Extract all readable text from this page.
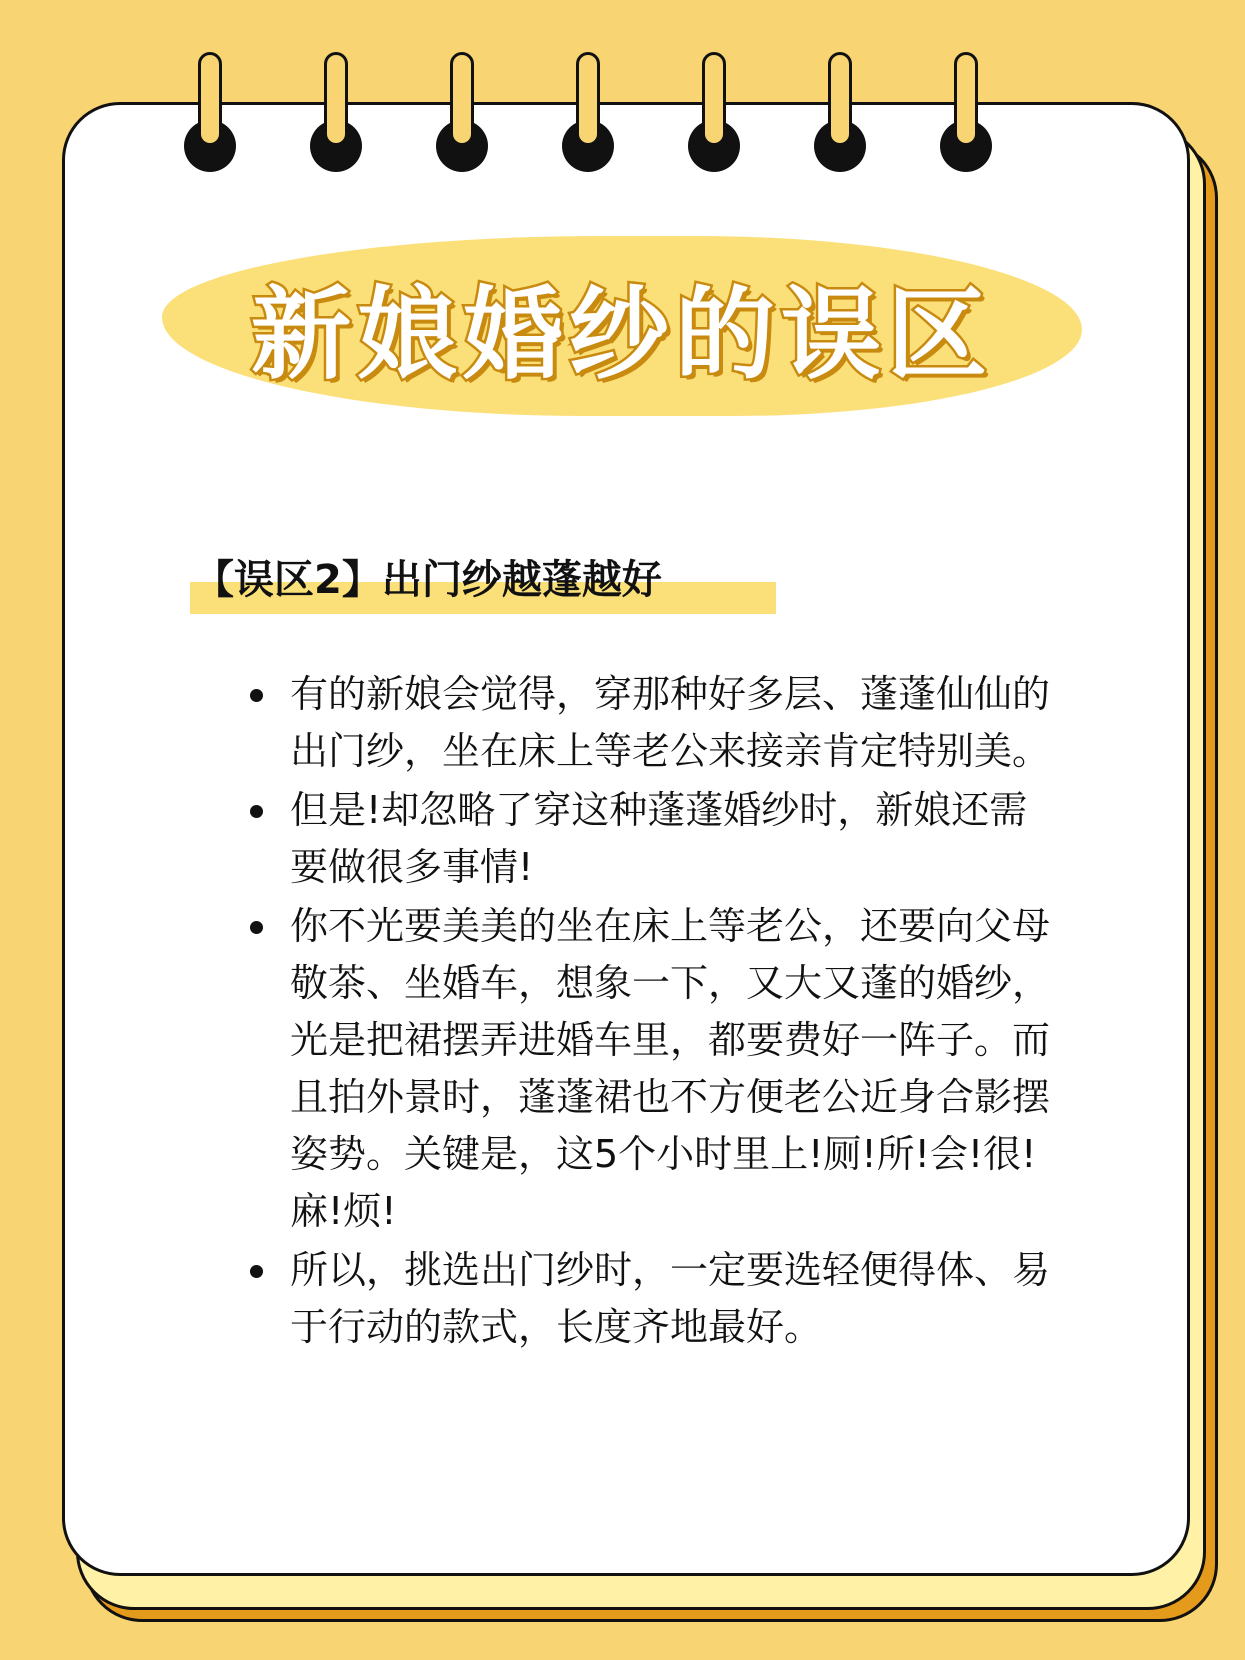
新娘婚纱的误区
【误区2】出门纱越蓬越好
有的新娘会觉得，穿那种好多层、蓬蓬仙仙的出门纱，坐在床上等老公来接亲肯定特别美。
但是!却忽略了穿这种蓬蓬婚纱时，新娘还需要做很多事情!
你不光要美美的坐在床上等老公，还要向父母敬茶、坐婚车，想象一下，又大又蓬的婚纱，光是把裙摆弄进婚车里，都要费好一阵子。而且拍外景时，蓬蓬裙也不方便老公近身合影摆姿势。关键是，这5个小时里上!厕!所!会!很!麻!烦!
所以，挑选出门纱时，一定要选轻便得体、易于行动的款式，长度齐地最好。
